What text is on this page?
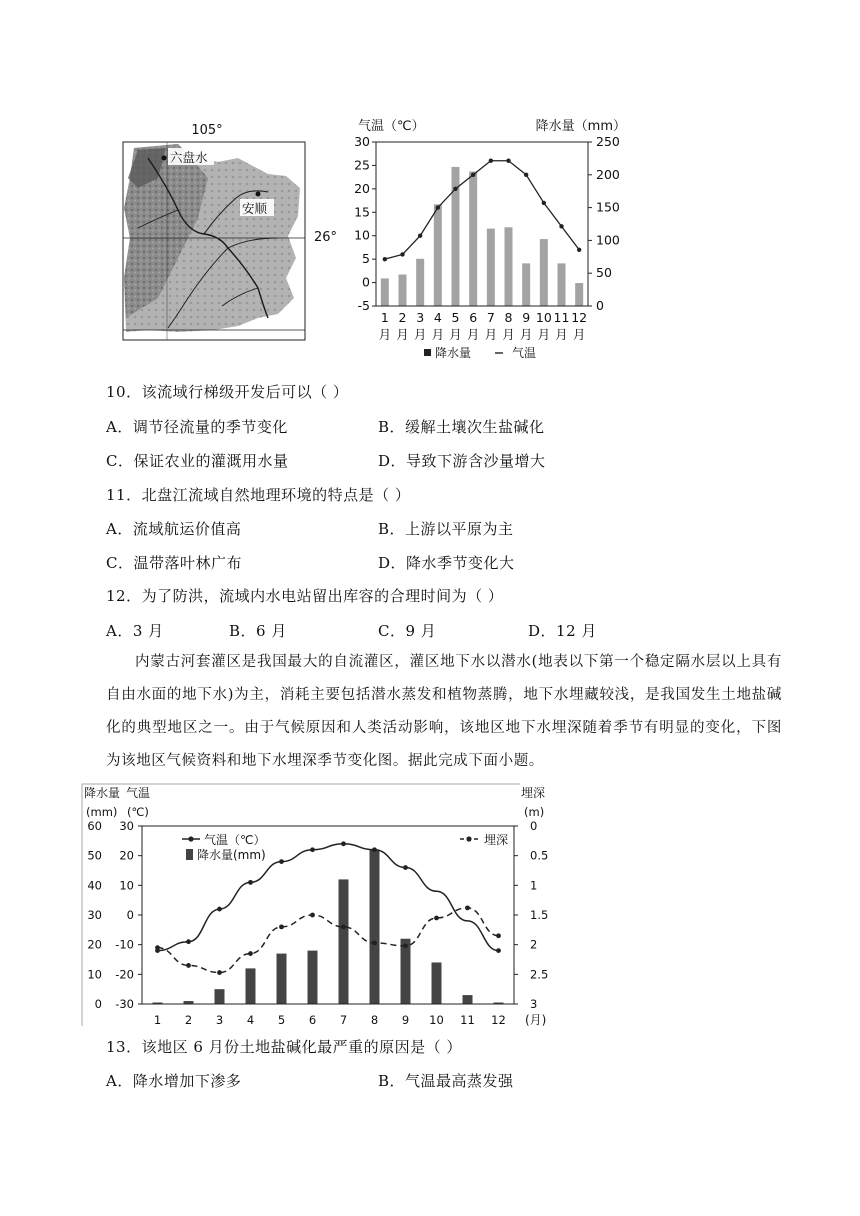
105°
六盘水
安顺
26°
气温（℃）	降水量（mm）
30
25
20
15
10
5
0
-5
250
200
150
100
50
0
1
月
2
月
3
月
4
月
5
月
6
月
7
月
8
月
9
月
10
月
11
月
12
月
降水量	气温
10．该流域行梯级开发后可以（ ）
A．调节径流量的季节变化	B．缓解土壤次生盐碱化
C．保证农业的灌溉用水量	D．导致下游含沙量增大
11．北盘江流域自然地理环境的特点是（ ）
A．流域航运价值高	B．上游以平原为主
C．温带落叶林广布	D．降水季节变化大
12．为了防洪，流域内水电站留出库容的合理时间为（ ）
A．3 月	B．6 月	C．9 月	D．12 月
内蒙古河套灌区是我国最大的自流灌区，灌区地下水以潜水(地表以下第一个稳定隔水层以上具有自由水面的地下水)为主，消耗主要包括潜水蒸发和植物蒸腾，地下水埋藏较浅，是我国发生土地盐碱化的典型地区之一。由于气候原因和人类活动影响，该地区地下水埋深随着季节有明显的变化，下图为该地区气候资料和地下水埋深季节变化图。据此完成下面小题。
降水量 气温
(mm) (℃)
埋深
(m)
60
50
40
30
20
10
0
30
20
10
0
-10
-20
-30
0
0.5
1
1.5
2
2.5
3
1 2 3 4 5 6 7 8 9 10 11 12
气温（℃）
降水量(mm)
埋深
(月)
13．该地区 6 月份土地盐碱化最严重的原因是（ ）
A．降水增加下渗多	B．气温最高蒸发强
